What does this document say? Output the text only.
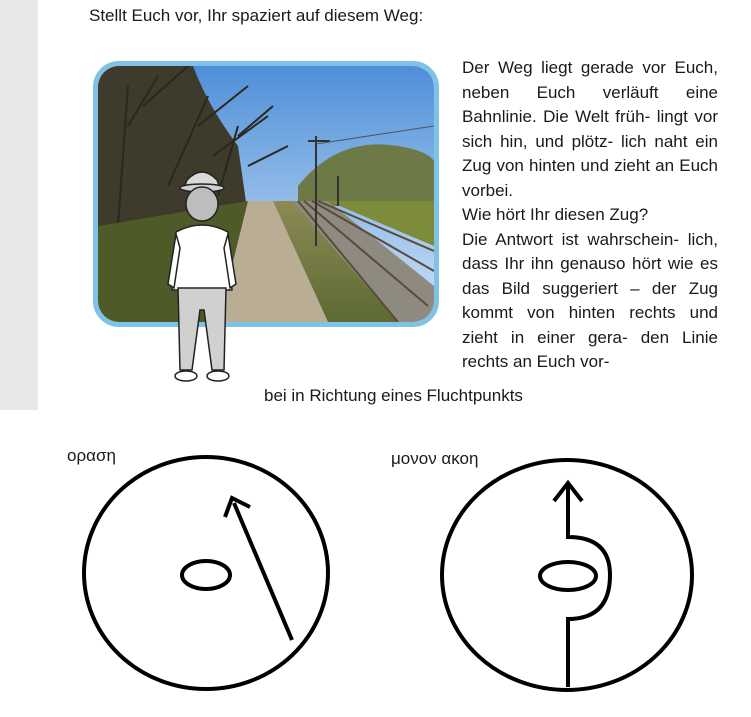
Stellt Euch vor, Ihr spaziert auf diesem Weg:

Der Weg liegt gerade vor Euch, neben Euch verläuft eine Bahnlinie. Die Welt früh- lingt vor sich hin, und plötz- lich naht ein Zug von hinten und zieht an Euch vorbei.
Wie hört Ihr diesen Zug?
Die Antwort ist wahrschein- lich, dass Ihr ihn genauso hört wie es das Bild suggeriert – der Zug kommt von hinten rechts und zieht in einer gera- den Linie rechts an Euch vor-

bei in Richtung eines Fluchtpunkts

οραση	μονον ακοη
